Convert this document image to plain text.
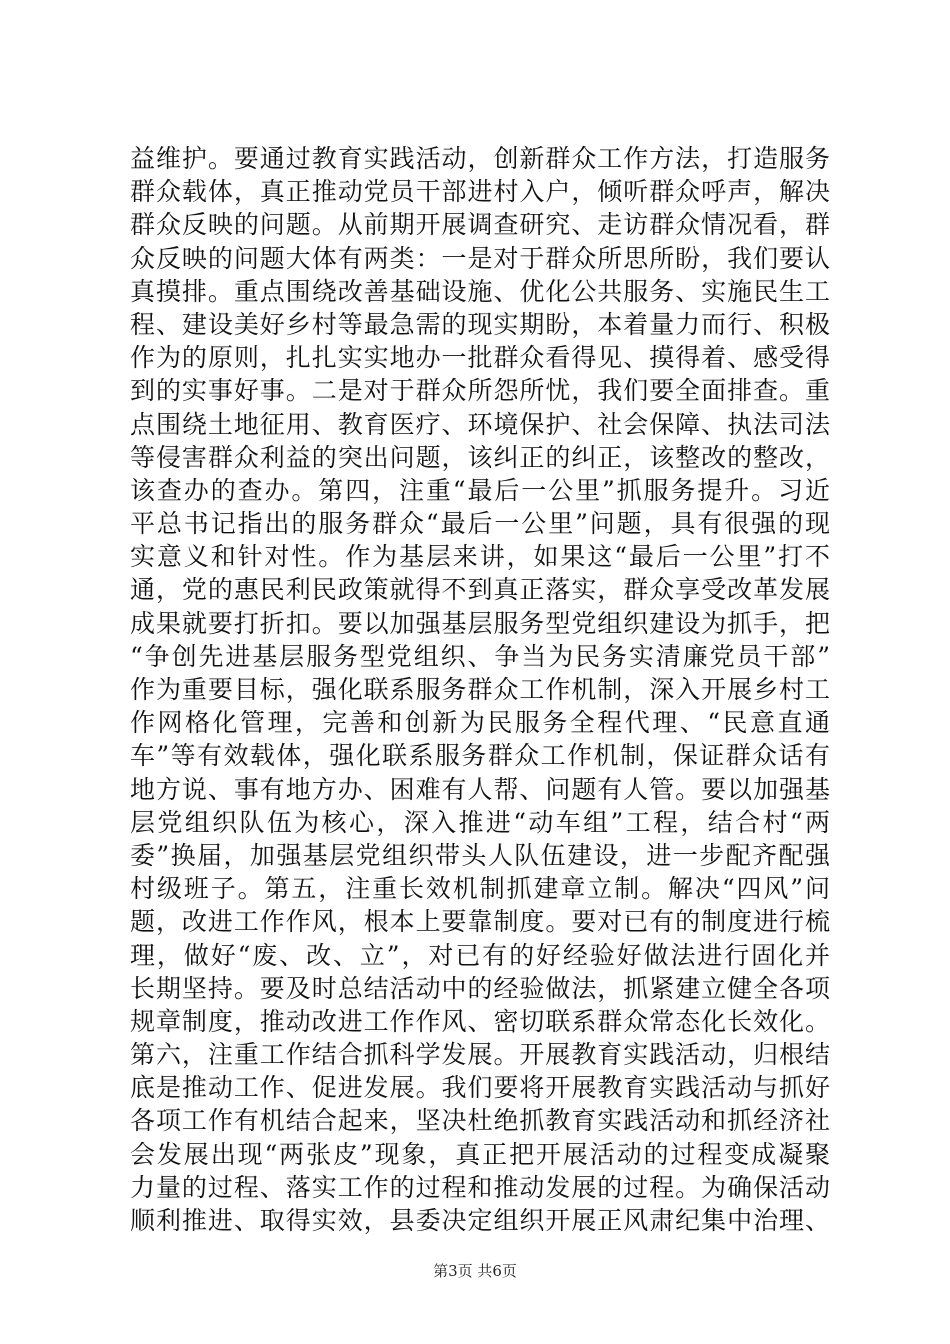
益维护。要通过教育实践活动，创新群众工作方法，打造服务
群众载体，真正推动党员干部进村入户，倾听群众呼声，解决
群众反映的问题。从前期开展调查研究、走访群众情况看，群
众反映的问题大体有两类：一是对于群众所思所盼，我们要认
真摸排。重点围绕改善基础设施、优化公共服务、实施民生工
程、建设美好乡村等最急需的现实期盼，本着量力而行、积极
作为的原则，扎扎实实地办一批群众看得见、摸得着、感受得
到的实事好事。二是对于群众所怨所忧，我们要全面排查。重
点围绕土地征用、教育医疗、环境保护、社会保障、执法司法
等侵害群众利益的突出问题，该纠正的纠正，该整改的整改，
该查办的查办。第四，注重“最后一公里”抓服务提升。习近
平总书记指出的服务群众“最后一公里”问题，具有很强的现
实意义和针对性。作为基层来讲，如果这“最后一公里”打不
通，党的惠民利民政策就得不到真正落实，群众享受改革发展
成果就要打折扣。要以加强基层服务型党组织建设为抓手，把
“争创先进基层服务型党组织、争当为民务实清廉党员干部”
作为重要目标，强化联系服务群众工作机制，深入开展乡村工
作网格化管理，完善和创新为民服务全程代理、“民意直通
车”等有效载体，强化联系服务群众工作机制，保证群众话有
地方说、事有地方办、困难有人帮、问题有人管。要以加强基
层党组织队伍为核心，深入推进“动车组”工程，结合村“两
委”换届，加强基层党组织带头人队伍建设，进一步配齐配强
村级班子。第五，注重长效机制抓建章立制。解决“四风”问
题，改进工作作风，根本上要靠制度。要对已有的制度进行梳
理，做好“废、改、立”，对已有的好经验好做法进行固化并
长期坚持。要及时总结活动中的经验做法，抓紧建立健全各项
规章制度，推动改进工作作风、密切联系群众常态化长效化。
第六，注重工作结合抓科学发展。开展教育实践活动，归根结
底是推动工作、促进发展。我们要将开展教育实践活动与抓好
各项工作有机结合起来，坚决杜绝抓教育实践活动和抓经济社
会发展出现“两张皮”现象，真正把开展活动的过程变成凝聚
力量的过程、落实工作的过程和推动发展的过程。为确保活动
顺利推进、取得实效，县委决定组织开展正风肃纪集中治理、
第3页 共6页
